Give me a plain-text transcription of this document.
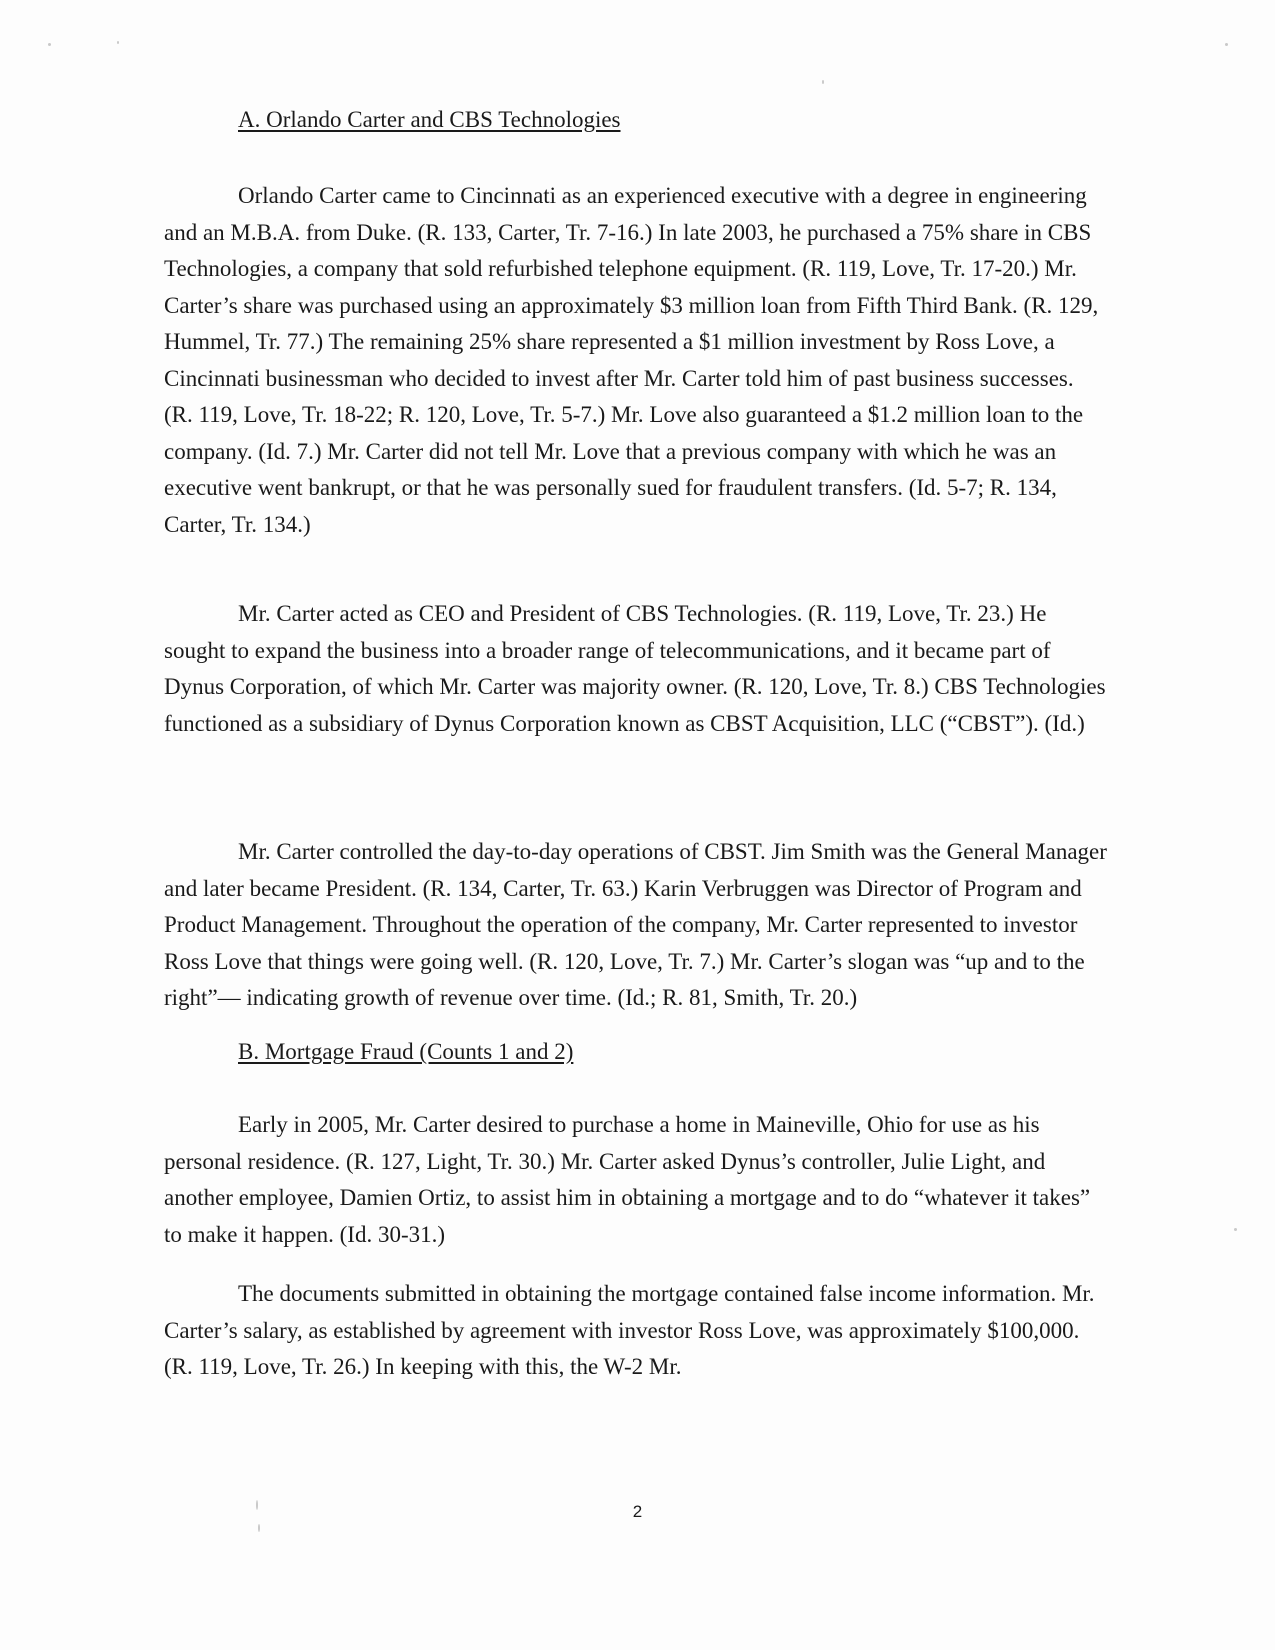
A. Orlando Carter and CBS Technologies

Orlando Carter came to Cincinnati as an experienced executive with a degree in engineering and an M.B.A. from Duke. (R. 133, Carter, Tr. 7-16.) In late 2003, he purchased a 75% share in CBS Technologies, a company that sold refurbished telephone equipment. (R. 119, Love, Tr. 17-20.) Mr. Carter’s share was purchased using an approximately $3 million loan from Fifth Third Bank. (R. 129, Hummel, Tr. 77.) The remaining 25% share represented a $1 million investment by Ross Love, a Cincinnati businessman who decided to invest after Mr. Carter told him of past business successes. (R. 119, Love, Tr. 18-22; R. 120, Love, Tr. 5-7.) Mr. Love also guaranteed a $1.2 million loan to the company. (Id. 7.) Mr. Carter did not tell Mr. Love that a previous company with which he was an executive went bankrupt, or that he was personally sued for fraudulent transfers. (Id. 5-7; R. 134, Carter, Tr. 134.)

Mr. Carter acted as CEO and President of CBS Technologies. (R. 119, Love, Tr. 23.) He sought to expand the business into a broader range of telecommunications, and it became part of Dynus Corporation, of which Mr. Carter was majority owner. (R. 120, Love, Tr. 8.) CBS Technologies functioned as a subsidiary of Dynus Corporation known as CBST Acquisition, LLC (“CBST”). (Id.)

Mr. Carter controlled the day-to-day operations of CBST. Jim Smith was the General Manager and later became President. (R. 134, Carter, Tr. 63.) Karin Verbruggen was Director of Program and Product Management. Throughout the operation of the company, Mr. Carter represented to investor Ross Love that things were going well. (R. 120, Love, Tr. 7.) Mr. Carter’s slogan was “up and to the right”— indicating growth of revenue over time. (Id.; R. 81, Smith, Tr. 20.)

B. Mortgage Fraud (Counts 1 and 2)

Early in 2005, Mr. Carter desired to purchase a home in Maineville, Ohio for use as his personal residence. (R. 127, Light, Tr. 30.) Mr. Carter asked Dynus’s controller, Julie Light, and another employee, Damien Ortiz, to assist him in obtaining a mortgage and to do “whatever it takes” to make it happen. (Id. 30-31.)

The documents submitted in obtaining the mortgage contained false income information. Mr. Carter’s salary, as established by agreement with investor Ross Love, was approximately $100,000. (R. 119, Love, Tr. 26.) In keeping with this, the W-2 Mr.

2
